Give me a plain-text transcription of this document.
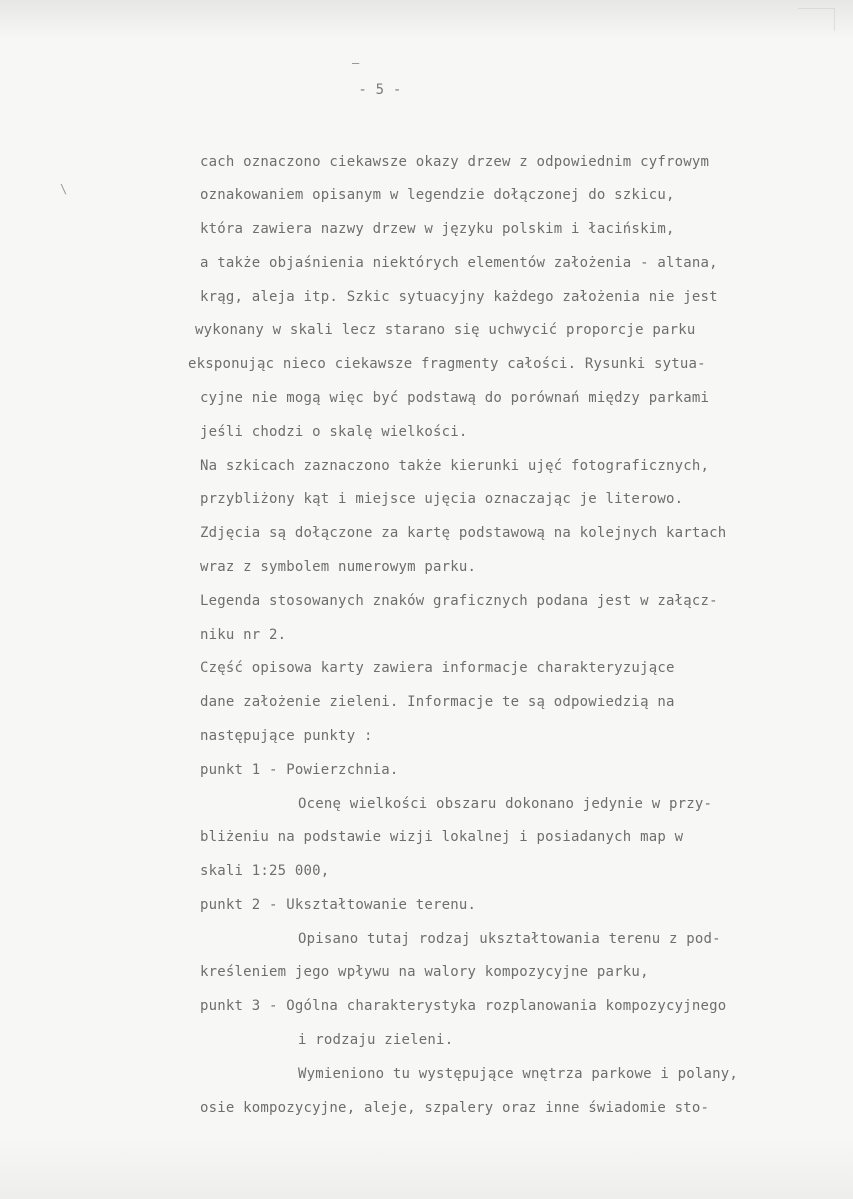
–
- 5 -
\
cach oznaczono ciekawsze okazy drzew z odpowiednim cyfrowym
oznakowaniem opisanym w legendzie dołączonej do szkicu,
która zawiera nazwy drzew w języku polskim i łacińskim,
a także objaśnienia niektórych elementów założenia - altana,
krąg, aleja itp. Szkic sytuacyjny każdego założenia nie jest
wykonany w skali lecz starano się uchwycić proporcje parku
eksponując nieco ciekawsze fragmenty całości. Rysunki sytua-
cyjne nie mogą więc być podstawą do porównań między parkami
jeśli chodzi o skalę wielkości.
Na szkicach zaznaczono także kierunki ujęć fotograficznych,
przybliżony kąt i miejsce ujęcia oznaczając je literowo.
Zdjęcia są dołączone za kartę podstawową na kolejnych kartach
wraz z symbolem numerowym parku.
Legenda stosowanych znaków graficznych podana jest w załącz-
niku nr 2.
Część opisowa karty zawiera informacje charakteryzujące
dane założenie zieleni. Informacje te są odpowiedzią na
następujące punkty :
punkt 1 - Powierzchnia.
Ocenę wielkości obszaru dokonano jedynie w przy-
bliżeniu na podstawie wizji lokalnej i posiadanych map w
skali 1:25 000,
punkt 2 - Ukształtowanie terenu.
Opisano tutaj rodzaj ukształtowania terenu z pod-
kreśleniem jego wpływu na walory kompozycyjne parku,
punkt 3 - Ogólna charakterystyka rozplanowania kompozycyjnego
i rodzaju zieleni.
Wymieniono tu występujące wnętrza parkowe i polany,
osie kompozycyjne, aleje, szpalery oraz inne świadomie sto-
